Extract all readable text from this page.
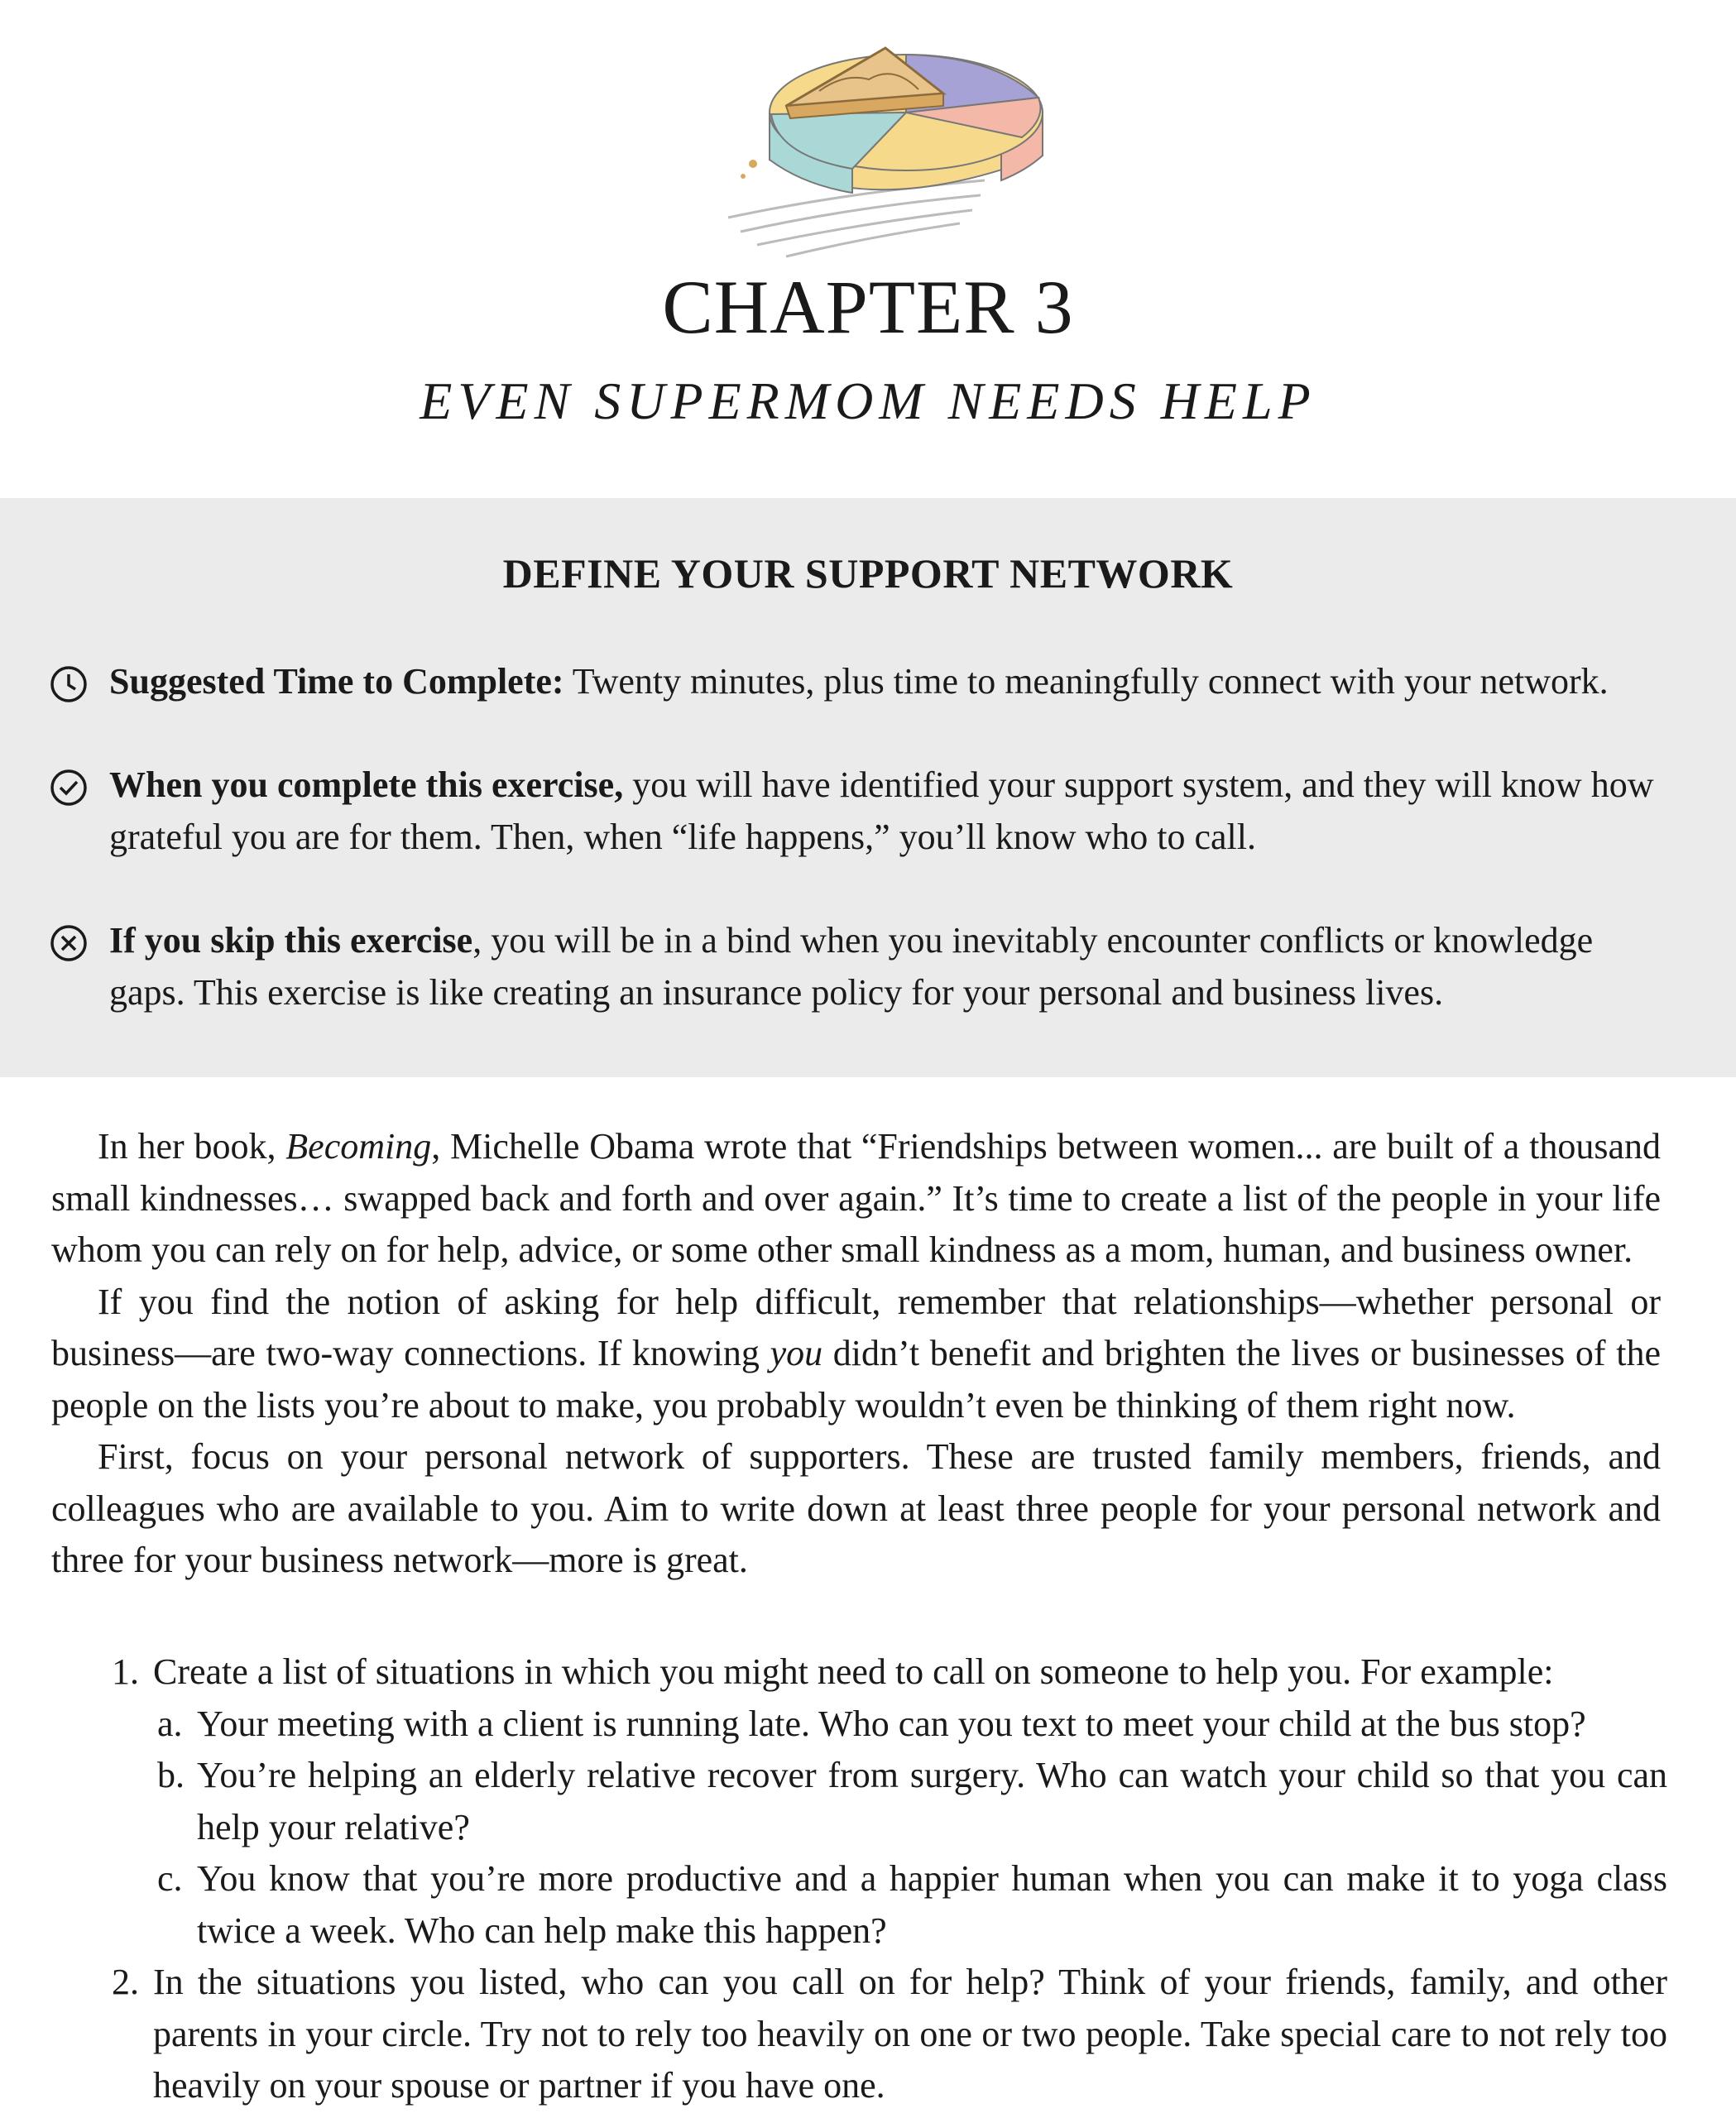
CHAPTER 3
EVEN SUPERMOM NEEDS HELP
DEFINE YOUR SUPPORT NETWORK
Suggested Time to Complete: Twenty minutes, plus time to meaningfully connect with your network.
When you complete this exercise, you will have identified your support system, and they will know how grateful you are for them. Then, when “life happens,” you’ll know who to call.
If you skip this exercise, you will be in a bind when you inevitably encounter conflicts or knowledge gaps. This exercise is like creating an insurance policy for your personal and business lives.

In her book, Becoming, Michelle Obama wrote that “Friendships between women... are built of a thousand small kindnesses… swapped back and forth and over again.” It’s time to create a list of the people in your life whom you can rely on for help, advice, or some other small kindness as a mom, human, and business owner.

If you find the notion of asking for help difficult, remember that relationships—whether personal or business—are two-way connections. If knowing you didn’t benefit and brighten the lives or businesses of the people on the lists you’re about to make, you probably wouldn’t even be thinking of them right now.

First, focus on your personal network of supporters. These are trusted family members, friends, and colleagues who are available to you. Aim to write down at least three people for your personal network and three for your business network—more is great.

1. Create a list of situations in which you might need to call on someone to help you. For example:
a. Your meeting with a client is running late. Who can you text to meet your child at the bus stop?
b. You’re helping an elderly relative recover from surgery. Who can watch your child so that you can help your relative?
c. You know that you’re more productive and a happier human when you can make it to yoga class twice a week. Who can help make this happen?
2. In the situations you listed, who can you call on for help? Think of your friends, family, and other parents in your circle. Try not to rely too heavily on one or two people. Take special care to not rely too heavily on your spouse or partner if you have one.
